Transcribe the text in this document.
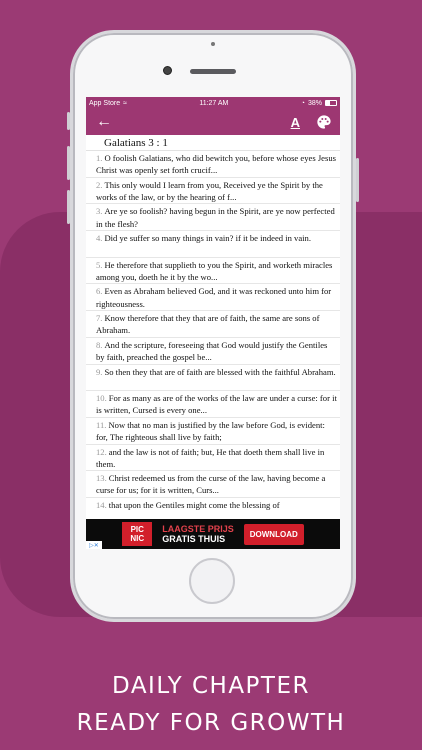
App Store ≈	11:27 AM	◔ 38%
←	A
Galatians 3 : 1
1. O foolish Galatians, who did bewitch you, before whose eyes Jesus Christ was openly set forth crucif...
2. This only would I learn from you, Received ye the Spirit by the works of the law, or by the hearing of f...
3. Are ye so foolish? having begun in the Spirit, are ye now perfected in the flesh?
4. Did ye suffer so many things in vain? if it be indeed in vain.
5. He therefore that supplieth to you the Spirit, and worketh miracles among you, doeth he it by the wo...
6. Even as Abraham believed God, and it was reckoned unto him for righteousness.
7. Know therefore that they that are of faith, the same are sons of Abraham.
8. And the scripture, foreseeing that God would justify the Gentiles by faith, preached the gospel be...
9. So then they that are of faith are blessed with the faithful Abraham.
10. For as many as are of the works of the law are under a curse: for it is written, Cursed is every one...
11. Now that no man is justified by the law before God, is evident: for, The righteous shall live by faith;
12. and the law is not of faith; but, He that doeth them shall live in them.
13. Christ redeemed us from the curse of the law, having become a curse for us; for it is written, Curs...
14. that upon the Gentiles might come the blessing of
PIC
NIC
LAAGSTE PRIJS
GRATIS THUIS	DOWNLOAD
▷✕
DAILY CHAPTER
READY FOR GROWTH
